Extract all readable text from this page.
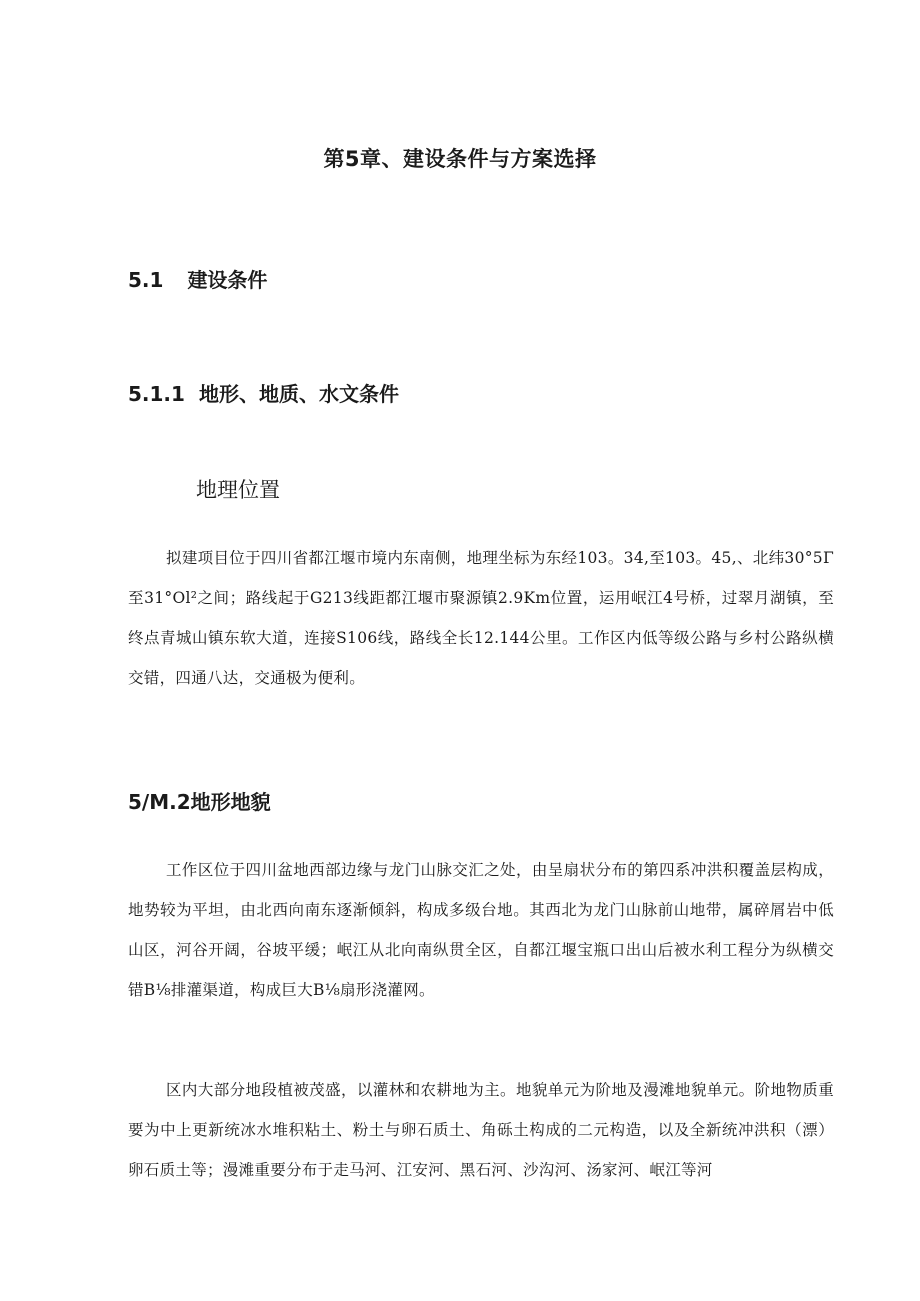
第5章、建设条件与方案选择
5.1 建设条件
5.1.1 地形、地质、水文条件
地理位置

拟建项目位于四川省都江堰市境内东南侧，地理坐标为东经103。34,至103。45,、北纬30°5Γ至31°Ol²之间；路线起于G213线距都江堰市聚源镇2.9Km位置，运用岷江4号桥，过翠月湖镇，至终点青城山镇东软大道，连接S106线，路线全长12.144公里。工作区内低等级公路与乡村公路纵横交错，四通八达，交通极为便利。

5/M.2地形地貌

工作区位于四川盆地西部边缘与龙门山脉交汇之处，由呈扇状分布的第四系冲洪积覆盖层构成，地势较为平坦，由北西向南东逐渐倾斜，构成多级台地。其西北为龙门山脉前山地带，属碎屑岩中低山区，河谷开阔，谷坡平缓；岷江从北向南纵贯全区，自都江堰宝瓶口出山后被水利工程分为纵横交错B⅛排灌渠道，构成巨大B⅛扇形浇灌网。

区内大部分地段植被茂盛，以灌林和农耕地为主。地貌单元为阶地及漫滩地貌单元。阶地物质重要为中上更新统冰水堆积粘土、粉土与卵石质土、角砾土构成的二元构造，以及全新统冲洪积（漂）卵石质土等；漫滩重要分布于走马河、江安河、黑石河、沙沟河、汤家河、岷江等河
